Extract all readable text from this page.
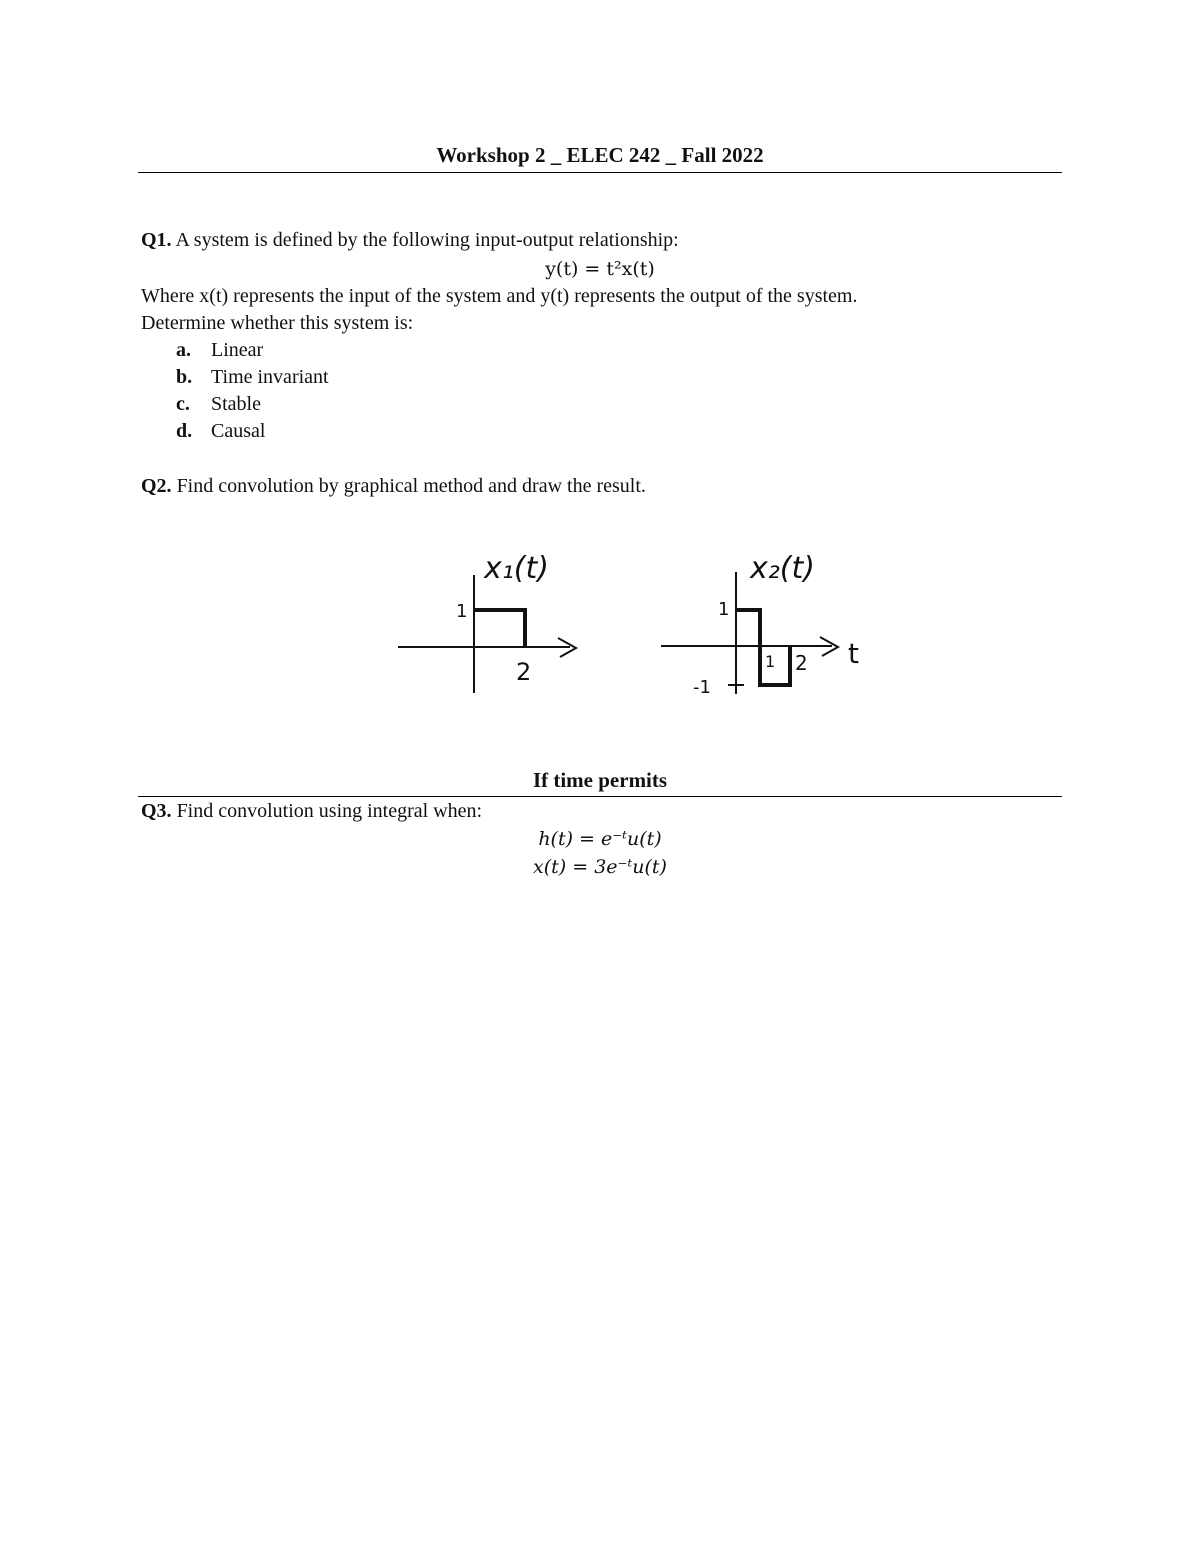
Workshop 2 _ ELEC 242 _ Fall 2022
Q1. A system is defined by the following input-output relationship:
y(t) = t²x(t)
Where x(t) represents the input of the system and y(t) represents the output of the system.
Determine whether this system is:
a. Linear
b. Time invariant
c. Stable
d. Causal
Q2. Find convolution by graphical method and draw the result.
x₁(t)
1
2
x₂(t)
1
-1
1 2 t
If time permits
Q3. Find convolution using integral when:
h(t) = e⁻ᵗu(t)
x(t) = 3e⁻ᵗu(t)
